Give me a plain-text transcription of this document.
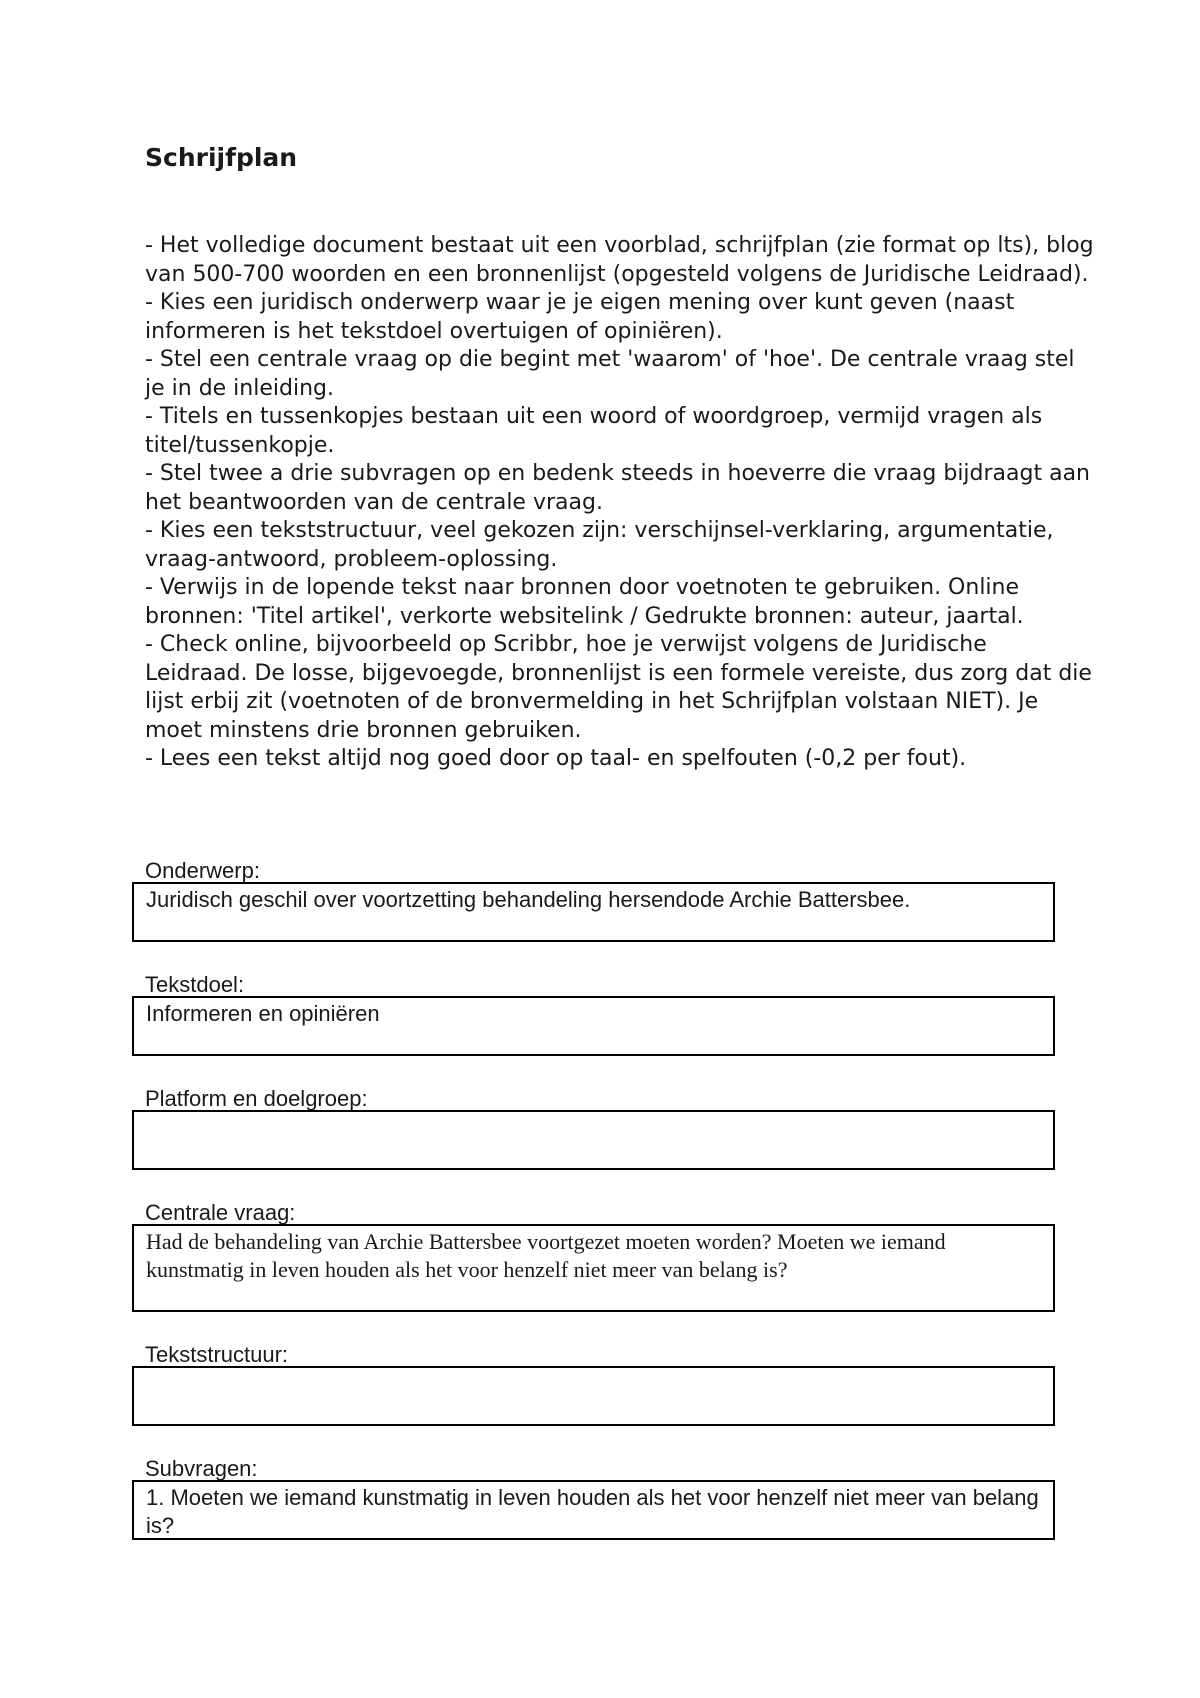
Schrijfplan
- Het volledige document bestaat uit een voorblad, schrijfplan (zie format op lts), blog van 500-700 woorden en een bronnenlijst (opgesteld volgens de Juridische Leidraad).
- Kies een juridisch onderwerp waar je je eigen mening over kunt geven (naast informeren is het tekstdoel overtuigen of opiniëren).
- Stel een centrale vraag op die begint met 'waarom' of 'hoe'. De centrale vraag stel je in de inleiding.
- Titels en tussenkopjes bestaan uit een woord of woordgroep, vermijd vragen als titel/tussenkopje.
- Stel twee a drie subvragen op en bedenk steeds in hoeverre die vraag bijdraagt aan het beantwoorden van de centrale vraag.
- Kies een tekststructuur, veel gekozen zijn: verschijnsel-verklaring, argumentatie, vraag-antwoord, probleem-oplossing.
- Verwijs in de lopende tekst naar bronnen door voetnoten te gebruiken. Online bronnen: 'Titel artikel', verkorte websitelink / Gedrukte bronnen: auteur, jaartal.
- Check online, bijvoorbeeld op Scribbr, hoe je verwijst volgens de Juridische Leidraad. De losse, bijgevoegde, bronnenlijst is een formele vereiste, dus zorg dat die lijst erbij zit (voetnoten of de bronvermelding in het Schrijfplan volstaan NIET). Je moet minstens drie bronnen gebruiken.
- Lees een tekst altijd nog goed door op taal- en spelfouten (-0,2 per fout).
Onderwerp:
Juridisch geschil over voortzetting behandeling hersendode Archie Battersbee.
Tekstdoel:
Informeren en opiniëren
Platform en doelgroep:
Centrale vraag:
Had de behandeling van Archie Battersbee voortgezet moeten worden? Moeten we iemand kunstmatig in leven houden als het voor henzelf niet meer van belang is?
Tekststructuur:
Subvragen:
1. Moeten we iemand kunstmatig in leven houden als het voor henzelf niet meer van belang is?
